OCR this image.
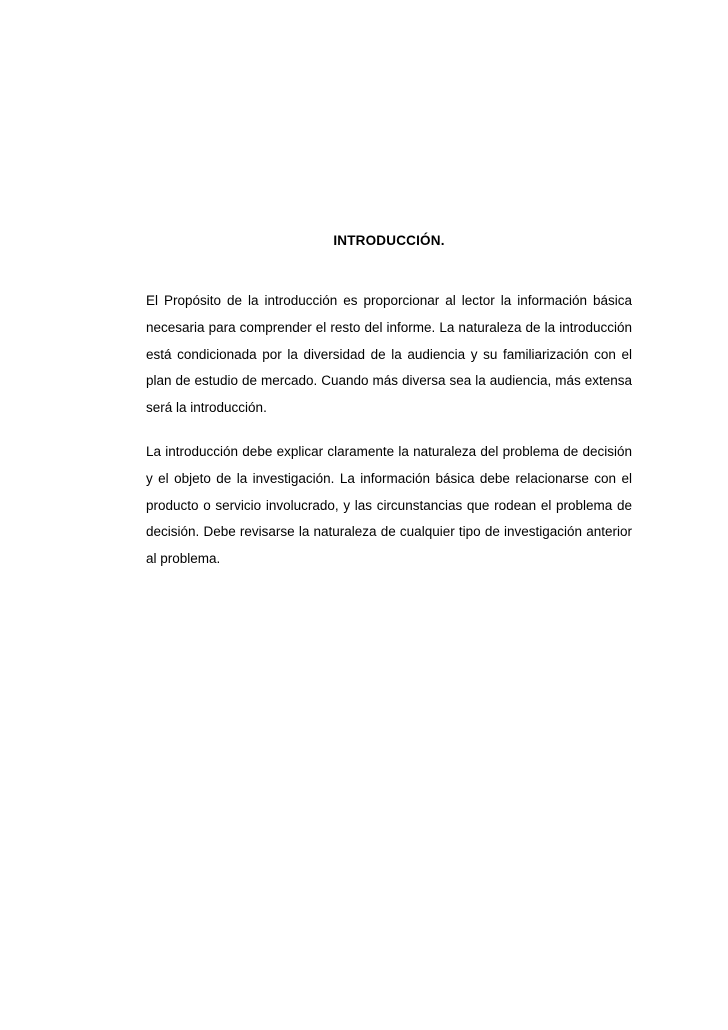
INTRODUCCIÓN.

El Propósito de la introducción es proporcionar al lector la información básica necesaria para comprender el resto del informe. La naturaleza de la introducción está condicionada por la diversidad de la audiencia y su familiarización con el plan de estudio de mercado. Cuando más diversa sea la audiencia, más extensa será la introducción.

La introducción debe explicar claramente la naturaleza del problema de decisión y el objeto de la investigación. La información básica debe relacionarse con el producto o servicio involucrado, y las circunstancias que rodean el problema de decisión. Debe revisarse la naturaleza de cualquier tipo de investigación anterior al problema.
